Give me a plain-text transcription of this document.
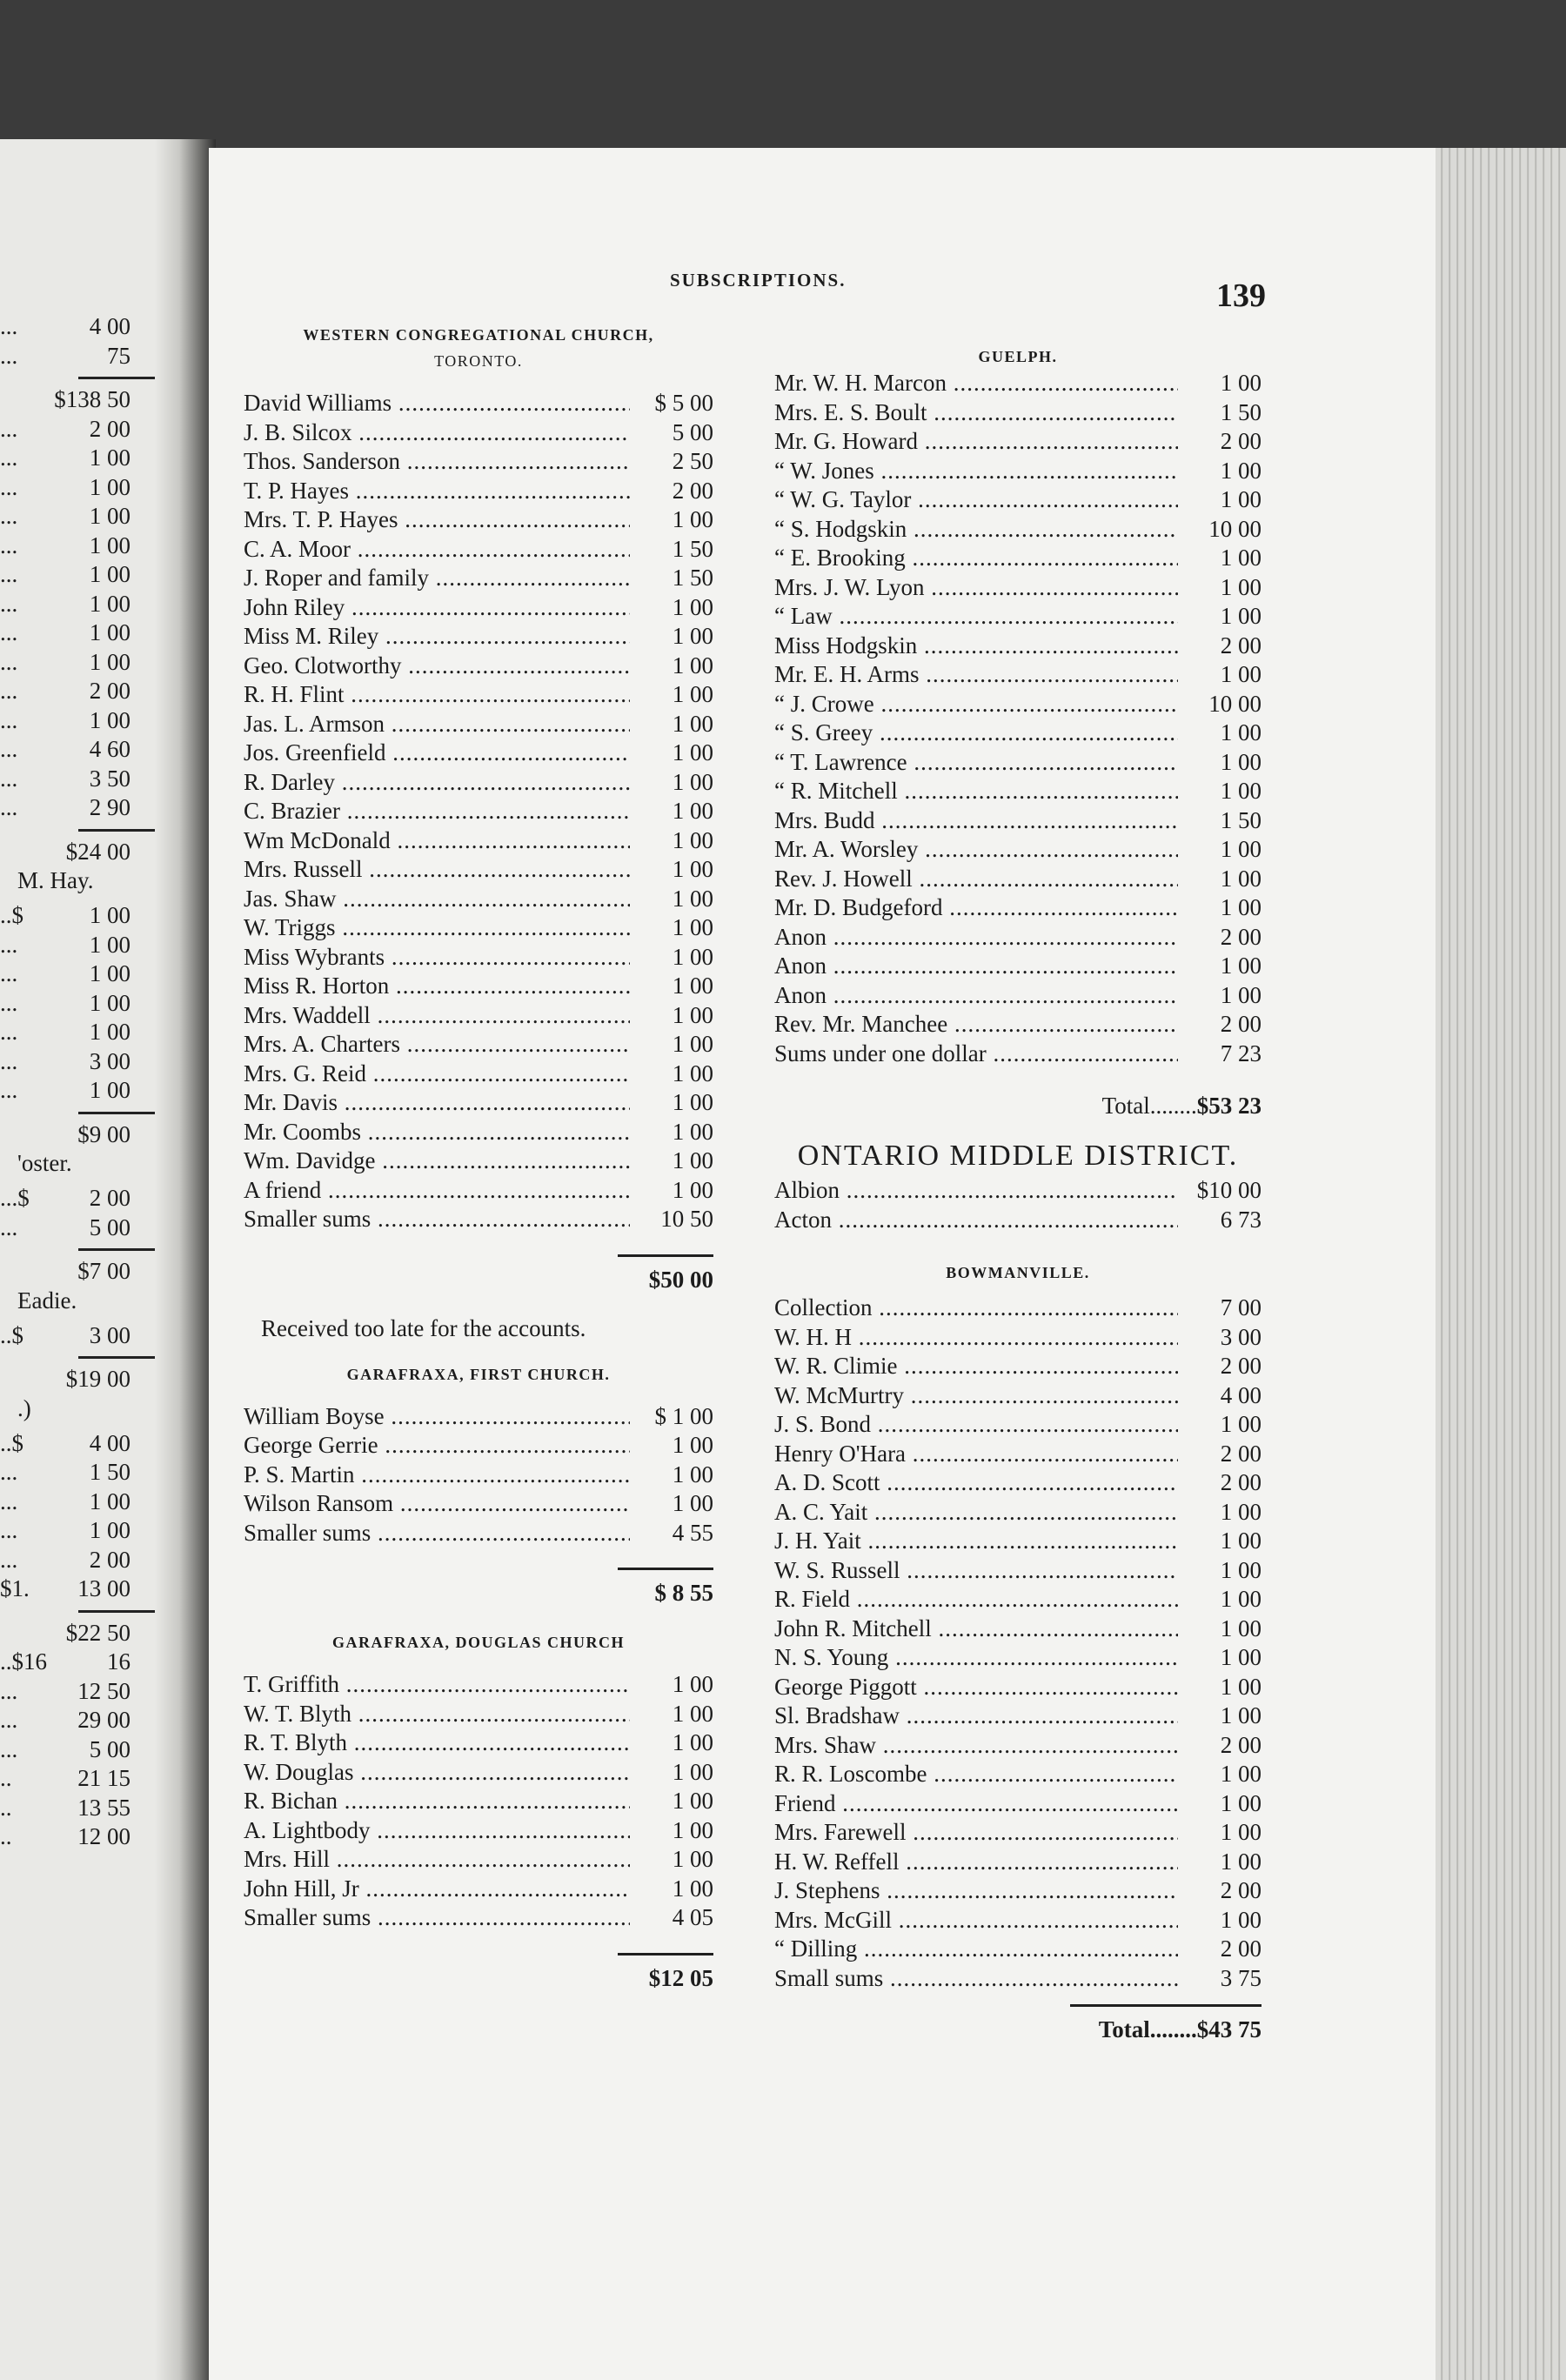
...	4 00
...	75
$138 50
...	2 00
...	1 00
...	1 00
...	1 00
...	1 00
...	1 00
...	1 00
...	1 00
...	1 00
...	2 00
...	1 00
...	4 60
...	3 50
...	2 90
$24 00
M. Hay.
..$	1 00
...	1 00
...	1 00
...	1 00
...	1 00
...	3 00
...	1 00
$9 00
'oster.
...$	2 00
...	5 00
$7 00
Eadie.
..$	3 00
$19 00
.)
..$	4 00
...	1 50
...	1 00
...	1 00
...	2 00
$1.	13 00
$22 50
..$16	16
...	12 50
...	29 00
...	5 00
..	21 15
..	13 55
..	12 00
SUBSCRIPTIONS.	139
WESTERN CONGREGATIONAL CHURCH,
TORONTO.
David Williams .....	$ 5 00
J. B. Silcox .....	5 00
Thos. Sanderson .....	2 50
T. P. Hayes .....	2 00
Mrs. T. P. Hayes .....	1 00
C. A. Moor .....	1 50
J. Roper and family .....	1 50
John Riley .....	1 00
Miss M. Riley .....	1 00
Geo. Clotworthy .....	1 00
R. H. Flint .....	1 00
Jas. L. Armson .....	1 00
Jos. Greenfield .....	1 00
R. Darley .....	1 00
C. Brazier .....	1 00
Wm McDonald .....	1 00
Mrs. Russell .....	1 00
Jas. Shaw .....	1 00
W. Triggs .....	1 00
Miss Wybrants .....	1 00
Miss R. Horton .....	1 00
Mrs. Waddell .....	1 00
Mrs. A. Charters .....	1 00
Mrs. G. Reid .....	1 00
Mr. Davis .....	1 00
Mr. Coombs .....	1 00
Wm. Davidge .....	1 00
A friend .....	1 00
Smaller sums .....	10 50
$50 00
Received too late for the accounts.
GARAFRAXA, FIRST CHURCH.
William Boyse .....	$ 1 00
George Gerrie .....	1 00
P. S. Martin .....	1 00
Wilson Ransom .....	1 00
Smaller sums .....	4 55
$ 8 55
GARAFRAXA, DOUGLAS CHURCH
T. Griffith .....	1 00
W. T. Blyth .....	1 00
R. T. Blyth .....	1 00
W. Douglas .....	1 00
R. Bichan .....	1 00
A. Lightbody .....	1 00
Mrs. Hill .....	1 00
John Hill, Jr .....	1 00
Smaller sums .....	4 05
$12 05
GUELPH.
Mr. W. H. Marcon .....	1 00
Mrs. E. S. Boult .....	1 50
Mr. G. Howard .....	2 00
“ W. Jones .....	1 00
“ W. G. Taylor .....	1 00
“ S. Hodgskin .....	10 00
“ E. Brooking .....	1 00
Mrs. J. W. Lyon .....	1 00
“ Law .....	1 00
Miss Hodgskin .....	2 00
Mr. E. H. Arms .....	1 00
“ J. Crowe .....	10 00
“ S. Greey .....	1 00
“ T. Lawrence .....	1 00
“ R. Mitchell .....	1 00
Mrs. Budd .....	1 50
Mr. A. Worsley .....	1 00
Rev. J. Howell .....	1 00
Mr. D. Budgeford .....	1 00
Anon .....	2 00
Anon .....	1 00
Anon .....	1 00
Rev. Mr. Manchee .....	2 00
Sums under one dollar .....	7 23
Total........$53 23
ONTARIO MIDDLE DISTRICT.
Albion .....	$10 00
Acton .....	6 73
BOWMANVILLE.
Collection .....	7 00
W. H. H .....	3 00
W. R. Climie .....	2 00
W. McMurtry .....	4 00
J. S. Bond .....	1 00
Henry O'Hara .....	2 00
A. D. Scott .....	2 00
A. C. Yait .....	1 00
J. H. Yait .....	1 00
W. S. Russell .....	1 00
R. Field .....	1 00
John R. Mitchell .....	1 00
N. S. Young .....	1 00
George Piggott .....	1 00
Sl. Bradshaw .....	1 00
Mrs. Shaw .....	2 00
R. R. Loscombe .....	1 00
Friend .....	1 00
Mrs. Farewell .....	1 00
H. W. Reffell .....	1 00
J. Stephens .....	2 00
Mrs. McGill .....	1 00
“ Dilling .....	2 00
Small sums .....	3 75
Total........$43 75
